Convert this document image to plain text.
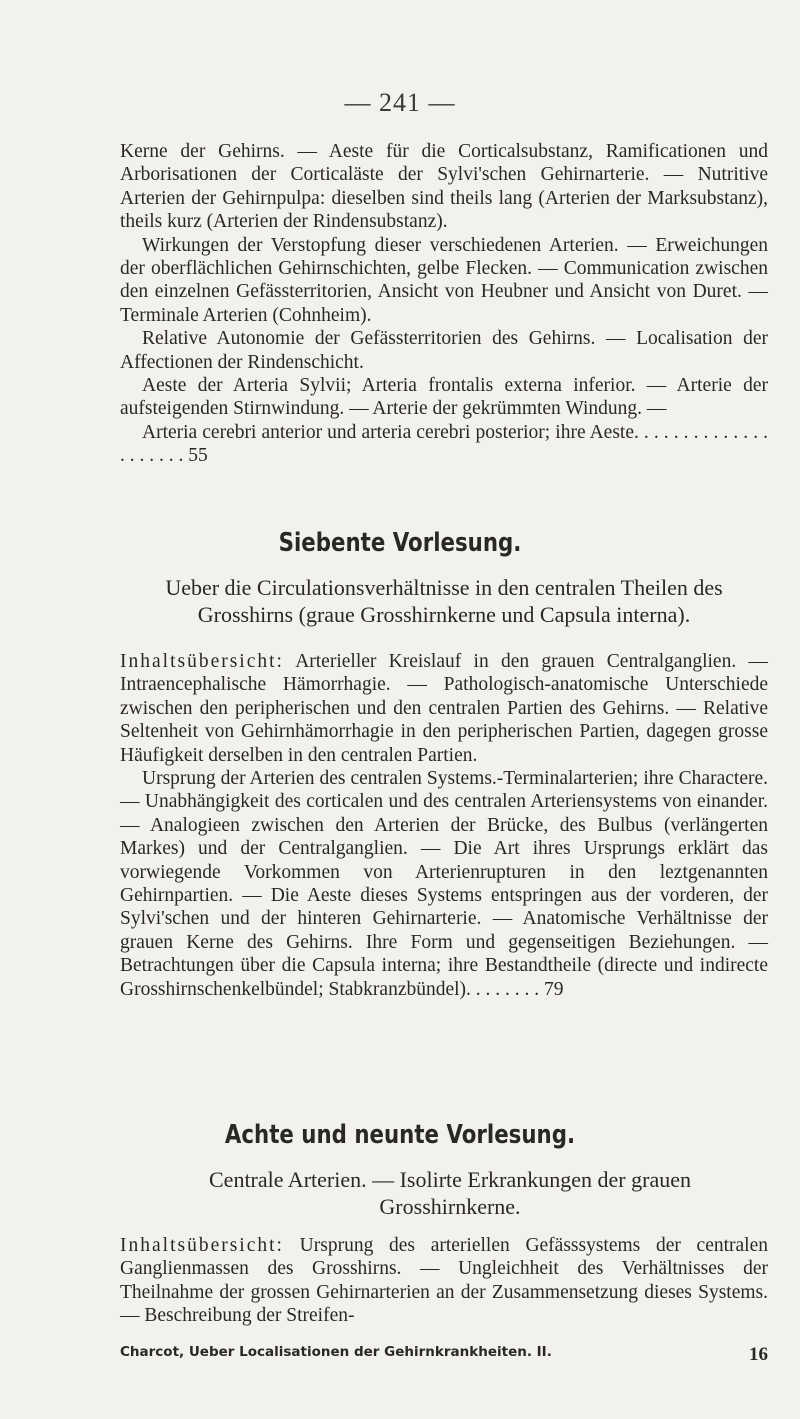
— 241 —

Kerne der Gehirns. — Aeste für die Corticalsubstanz, Ramificationen und Arborisationen der Corticaläste der Sylvi'schen Gehirnarterie. — Nutritive Arterien der Gehirnpulpa: dieselben sind theils lang (Arterien der Marksubstanz), theils kurz (Arterien der Rindensubstanz).

Wirkungen der Verstopfung dieser verschiedenen Arterien. — Erweichungen der oberflächlichen Gehirnschichten, gelbe Flecken. — Communication zwischen den einzelnen Gefässterritorien, Ansicht von Heubner und Ansicht von Duret. — Terminale Arterien (Cohnheim).

Relative Autonomie der Gefässterritorien des Gehirns. — Localisation der Affectionen der Rindenschicht.

Aeste der Arteria Sylvii; Arteria frontalis externa inferior. — Arterie der aufsteigenden Stirnwindung. — Arterie der gekrümmten Windung. —

Arteria cerebri anterior und arteria cerebri posterior; ihre Aeste. . . . . . . . . . . . . . . . . . . . . 55

Siebente Vorlesung.

Ueber die Circulationsverhältnisse in den centralen Theilen des Grosshirns (graue Grosshirnkerne und Capsula interna).

Inhaltsübersicht: Arterieller Kreislauf in den grauen Centralganglien. — Intraencephalische Hämorrhagie. — Pathologisch-anatomische Unterschiede zwischen den peripherischen und den centralen Partien des Gehirns. — Relative Seltenheit von Gehirnhämorrhagie in den peripherischen Partien, dagegen grosse Häufigkeit derselben in den centralen Partien.

Ursprung der Arterien des centralen Systems.-Terminalarterien; ihre Charactere. — Unabhängigkeit des corticalen und des centralen Arteriensystems von einander. — Analogieen zwischen den Arterien der Brücke, des Bulbus (verlängerten Markes) und der Centralganglien. — Die Art ihres Ursprungs erklärt das vorwiegende Vorkommen von Arterienrupturen in den leztgenannten Gehirnpartien. — Die Aeste dieses Systems entspringen aus der vorderen, der Sylvi'schen und der hinteren Gehirnarterie. — Anatomische Verhältnisse der grauen Kerne des Gehirns. Ihre Form und gegenseitigen Beziehungen. — Betrachtungen über die Capsula interna; ihre Bestandtheile (directe und indirecte Grosshirnschenkelbündel; Stabkranzbündel). . . . . . . . 79

Achte und neunte Vorlesung.

Centrale Arterien. — Isolirte Erkrankungen der grauen Grosshirnkerne.

Inhaltsübersicht: Ursprung des arteriellen Gefässsystems der centralen Ganglienmassen des Grosshirns. — Ungleichheit des Verhältnisses der Theilnahme der grossen Gehirnarterien an der Zusammensetzung dieses Systems. — Beschreibung der Streifen-

Charcot, Ueber Localisationen der Gehirnkrankheiten. II.	16
